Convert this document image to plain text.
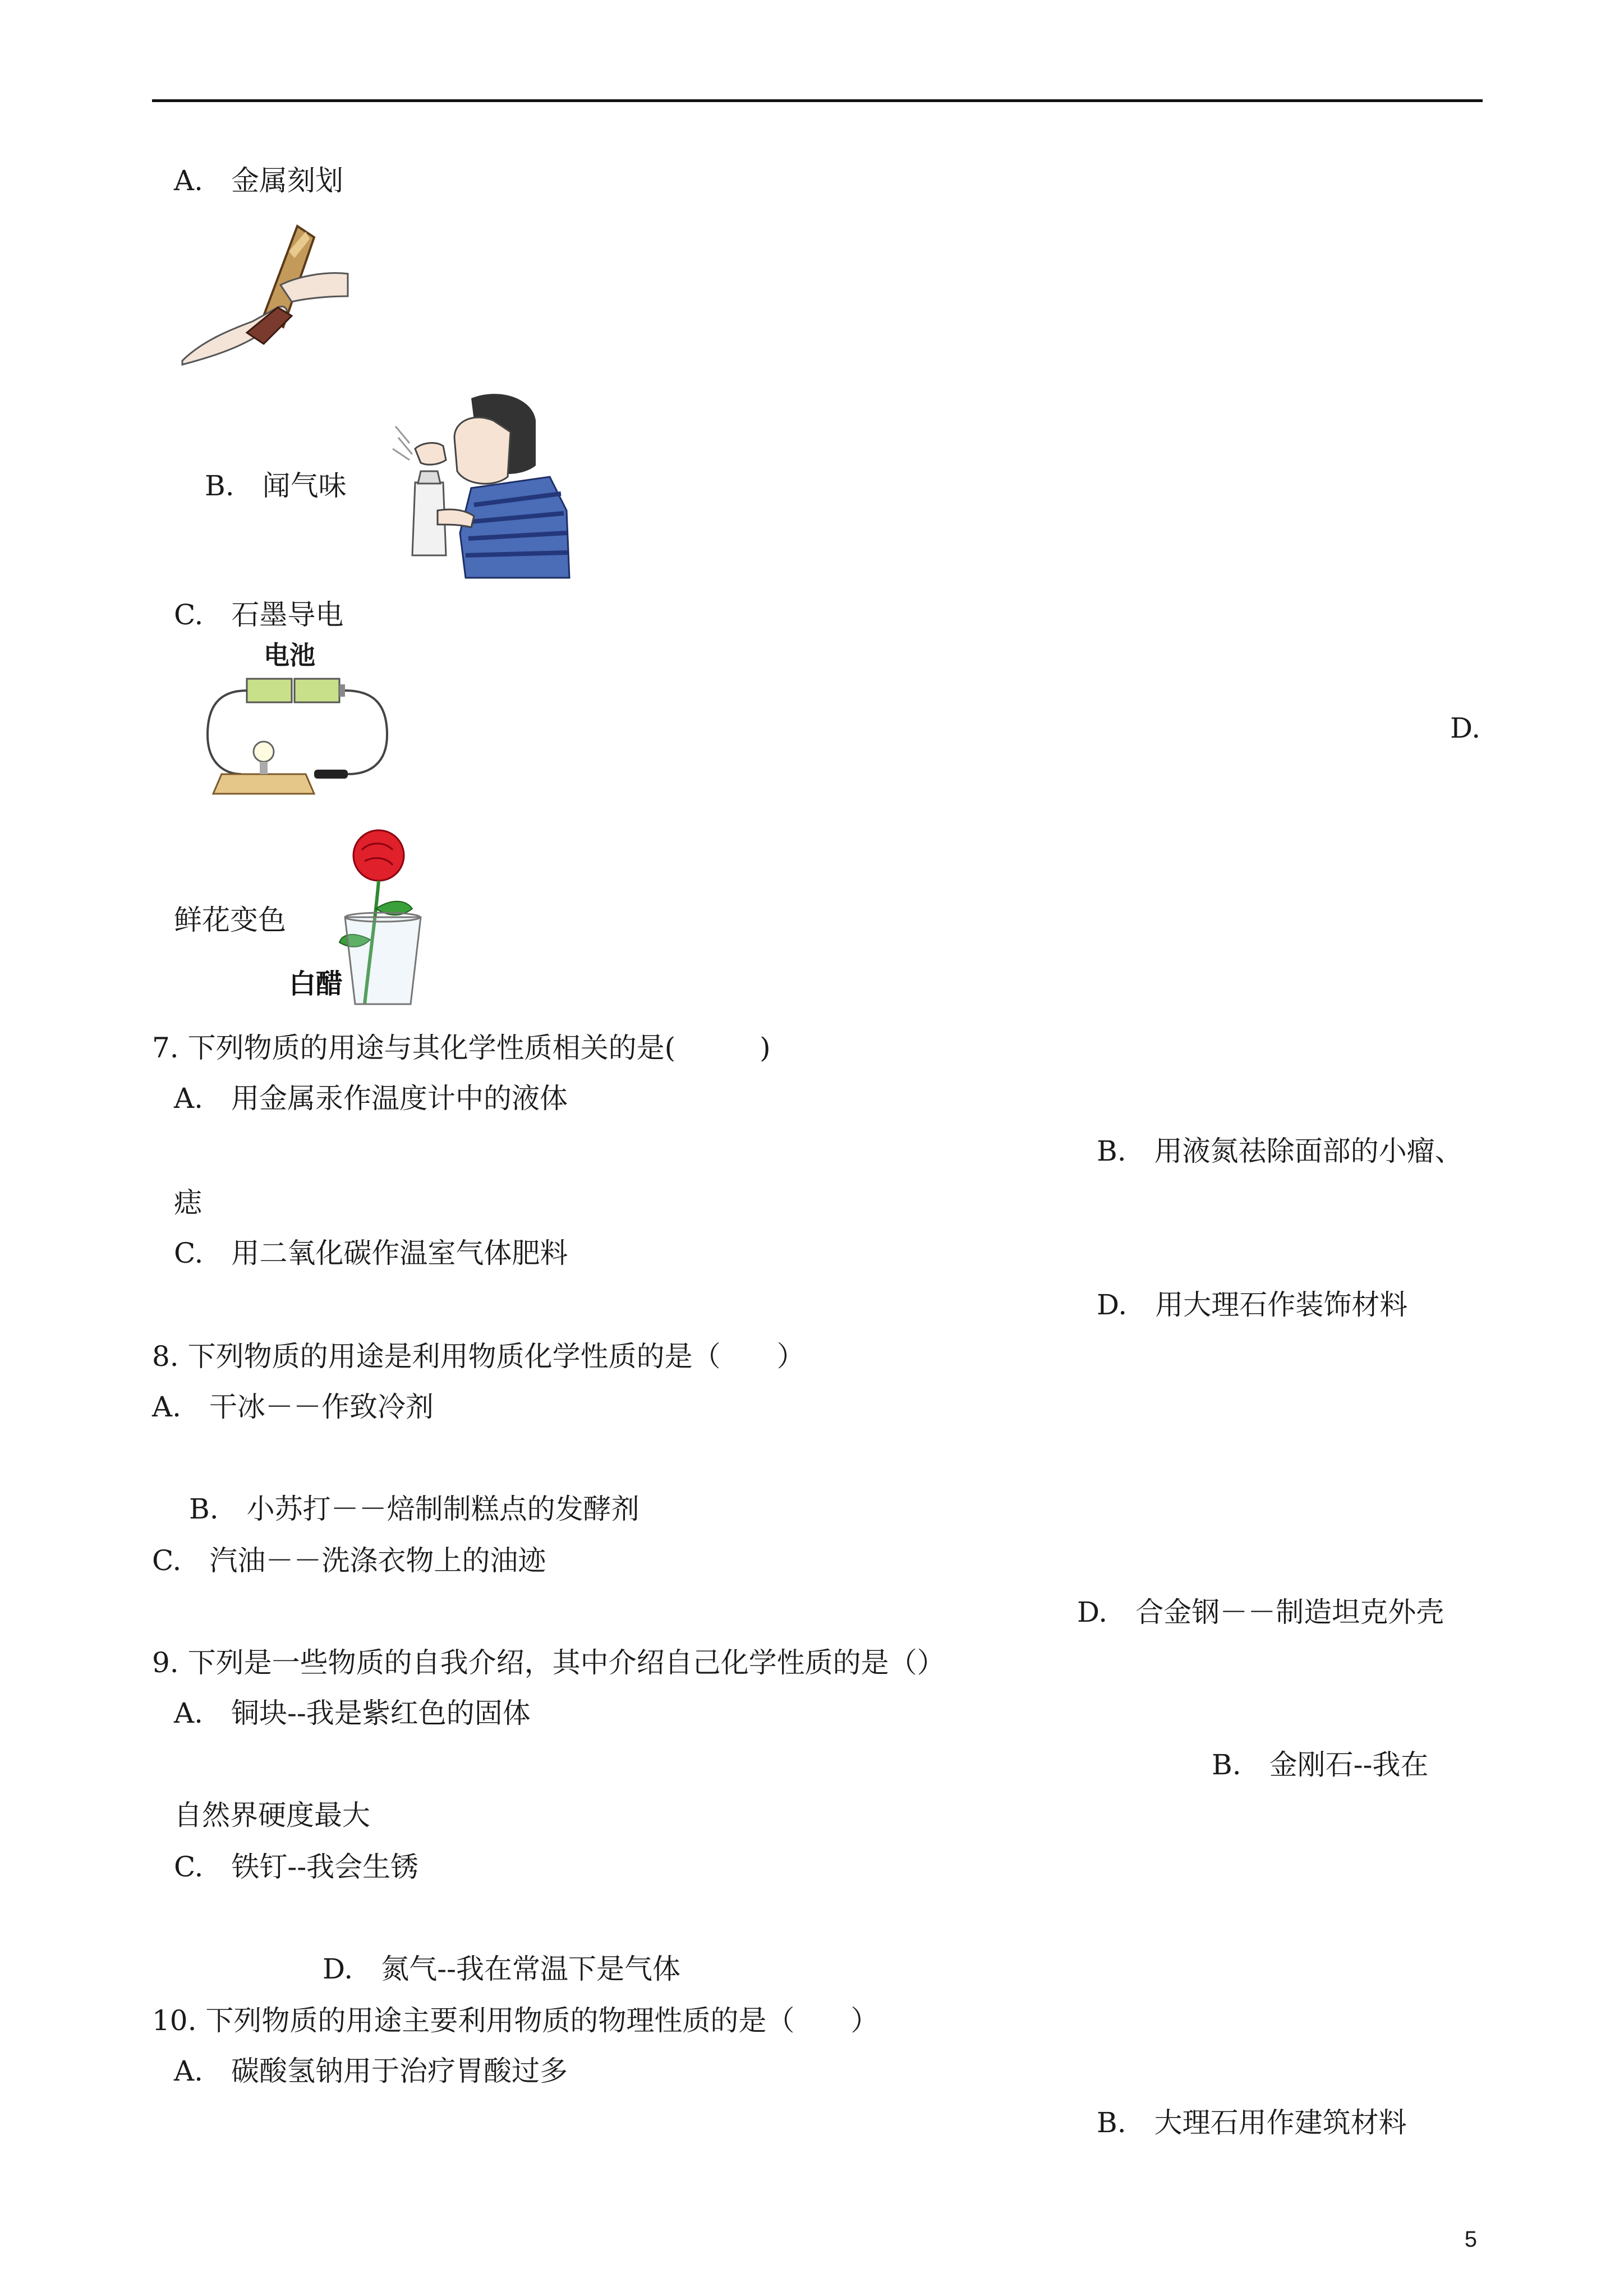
A.　金属刻划
B.　闻气味
C.　石墨导电
电池
D.
鲜花变色
白醋
7. 下列物质的用途与其化学性质相关的是(　　　)
A.　用金属汞作温度计中的液体
B.　用液氮祛除面部的小瘤、
痣
C.　用二氧化碳作温室气体肥料
D.　用大理石作装饰材料
8. 下列物质的用途是利用物质化学性质的是（　　）
A.　干冰－－作致冷剂
B.　小苏打－－焙制制糕点的发酵剂
C.　汽油－－洗涤衣物上的油迹
D.　合金钢－－制造坦克外壳
9. 下列是一些物质的自我介绍，其中介绍自己化学性质的是（）
A.　铜块--我是紫红色的固体
B.　金刚石--我在
自然界硬度最大
C.　铁钉--我会生锈
D.　氮气--我在常温下是气体
10. 下列物质的用途主要利用物质的物理性质的是（　　）
A.　碳酸氢钠用于治疗胃酸过多
B.　大理石用作建筑材料
5
